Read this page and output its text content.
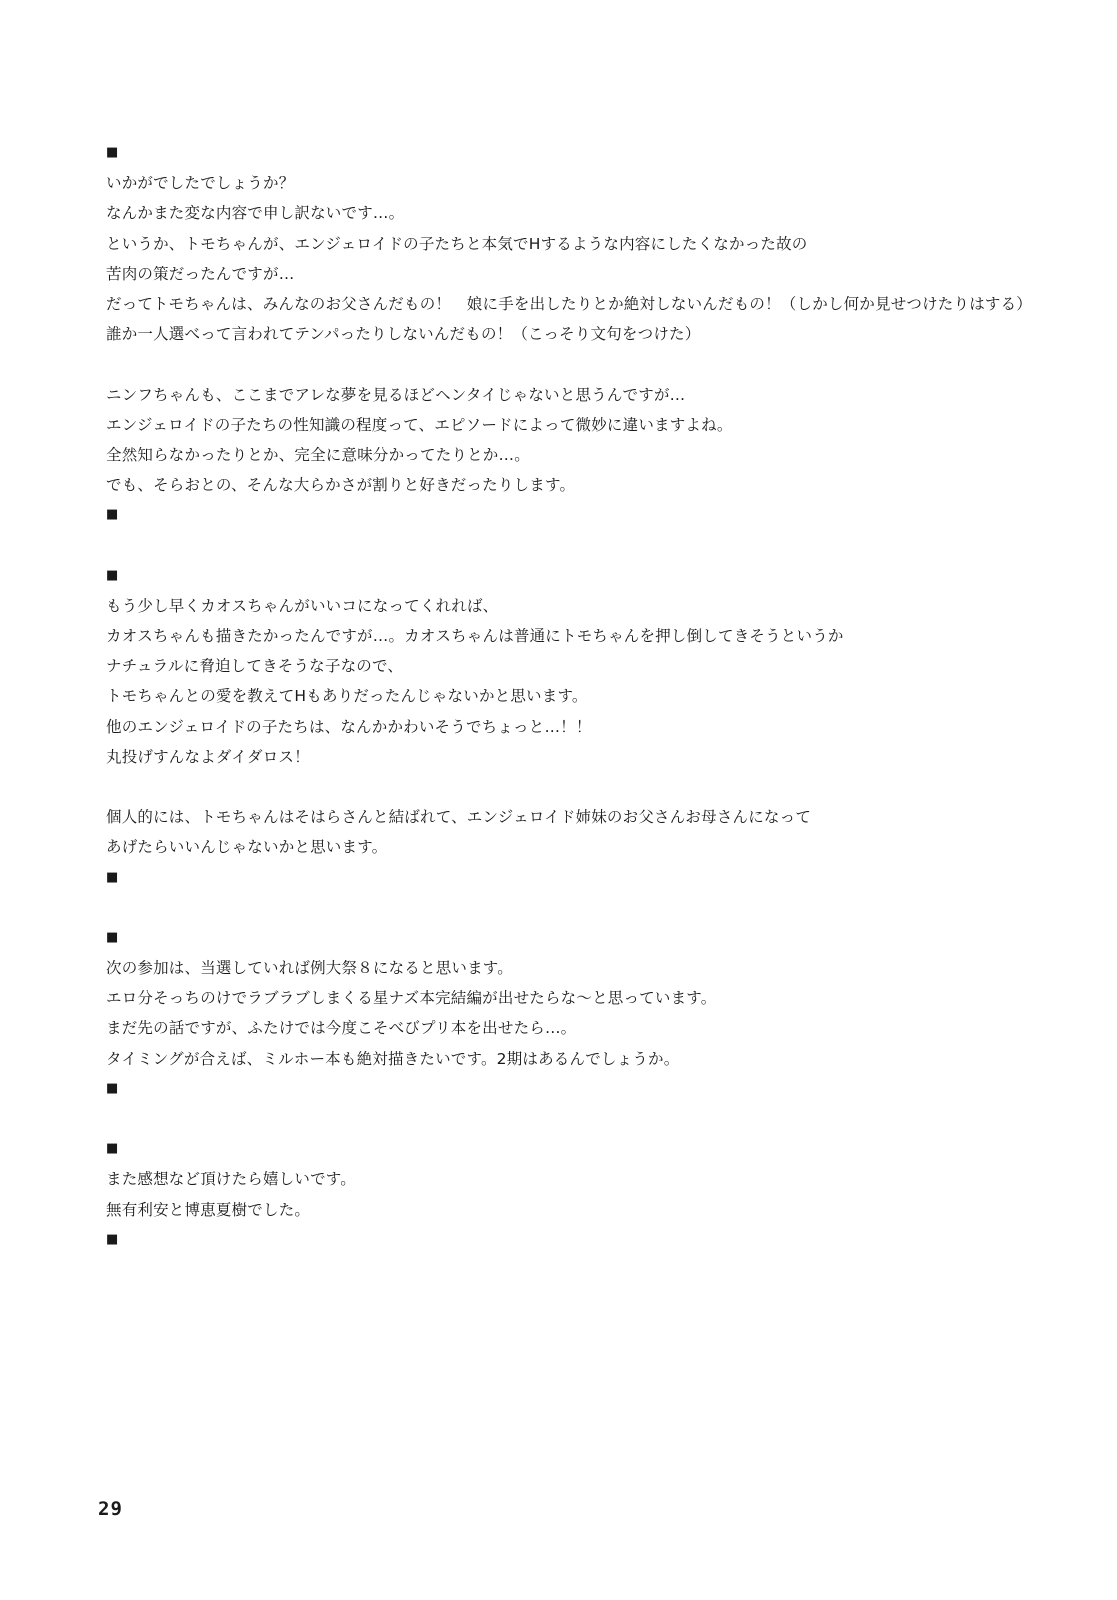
■
いかがでしたでしょうか？
なんかまた変な内容で申し訳ないです…。
というか、トモちゃんが、エンジェロイドの子たちと本気でHするような内容にしたくなかった故の
苦肉の策だったんですが…
だってトモちゃんは、みんなのお父さんだもの！　娘に手を出したりとか絶対しないんだもの！（しかし何か見せつけたりはする）
誰か一人選べって言われてテンパったりしないんだもの！（こっそり文句をつけた）
ニンフちゃんも、ここまでアレな夢を見るほどヘンタイじゃないと思うんですが…
エンジェロイドの子たちの性知識の程度って、エピソードによって微妙に違いますよね。
全然知らなかったりとか、完全に意味分かってたりとか…。
でも、そらおとの、そんな大らかさが割りと好きだったりします。
■
■
もう少し早くカオスちゃんがいいコになってくれれば、
カオスちゃんも描きたかったんですが…。カオスちゃんは普通にトモちゃんを押し倒してきそうというか
ナチュラルに脅迫してきそうな子なので、
トモちゃんとの愛を教えてHもありだったんじゃないかと思います。
他のエンジェロイドの子たちは、なんかかわいそうでちょっと…！！
丸投げすんなよダイダロス！
個人的には、トモちゃんはそはらさんと結ばれて、エンジェロイド姉妹のお父さんお母さんになって
あげたらいいんじゃないかと思います。
■
■
次の参加は、当選していれば例大祭８になると思います。
エロ分そっちのけでラブラブしまくる星ナズ本完結編が出せたらな～と思っています。
まだ先の話ですが、ふたけでは今度こそべびプリ本を出せたら…。
タイミングが合えば、ミルホー本も絶対描きたいです。2期はあるんでしょうか。
■
■
また感想など頂けたら嬉しいです。
無有利安と博恵夏樹でした。
■
29
